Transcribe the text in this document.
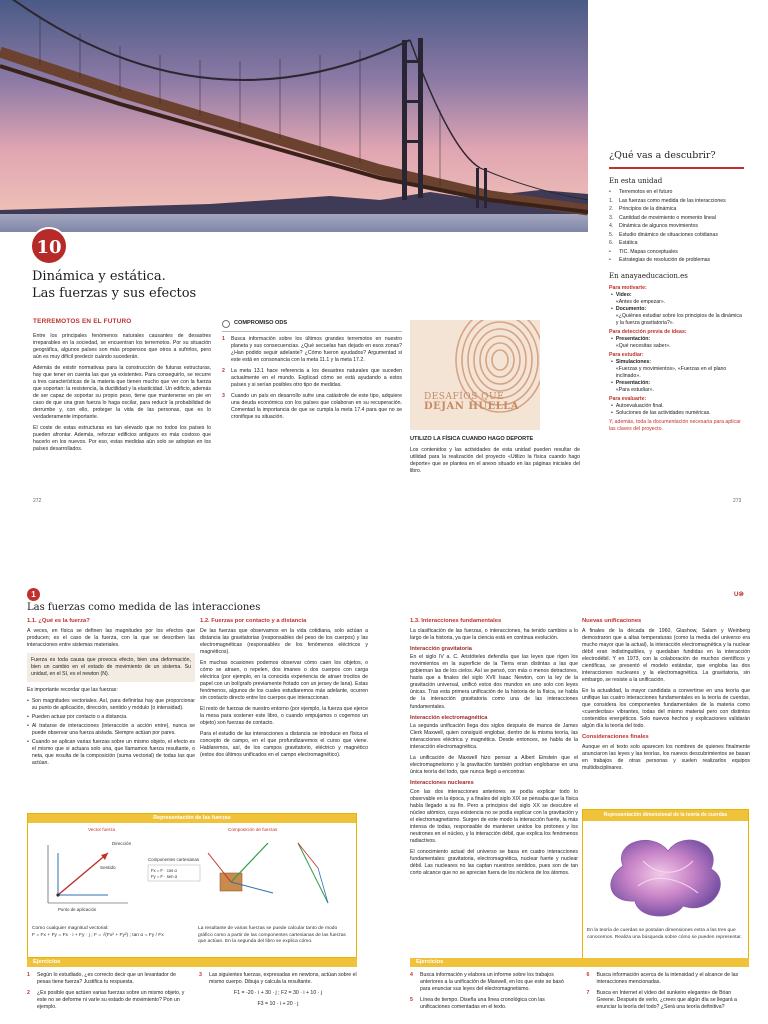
10
Dinámica y estática.
Las fuerzas y sus efectos
TERREMOTOS EN EL FUTURO

Entre los principales fenómenos naturales causantes de desastres irreparables en la sociedad, se encuentran los terremotos. Por su situación geográfica, algunos países son más propensos que otros a sufrirlos, pero aún es muy difícil predecir cuándo sucederán.

Además de existir normativas para la construcción de futuras estructuras, hay que tener en cuenta las que ya existentes. Para conseguirlo, se recurre a tres características de la materia que tienen mucho que ver con la fuerza que soportan: la resistencia, la ductilidad y la elasticidad. Un edificio, además de ser capaz de soportar su propio peso, tiene que mantenerse en pie en caso de que una gran fuerza lo haga oscilar, para reducir la probabilidad de derrumbe y, con ello, proteger la vida de las personas, que es lo verdaderamente importante.

El coste de estas estructuras es tan elevado que no todos los países lo pueden afrontar. Además, reforzar edificios antiguos es más costoso que hacerlo en los nuevos. Por eso, estas medidas aún solo se adoptan en los países desarrollados.

COMPROMISO ODS
1	Busca información sobre los últimos grandes terremotos en nuestro planeta y sus consecuencias. ¿Qué secuelas han dejado en esos zonas? ¿Han podido seguir adelante? ¿Cómo fueron ayudados? Argumentad si este está en consonancia con la meta 11.1 y la meta 17.2.
2	La meta 13.1 hace referencia a los desastres naturales que suceden actualmente en el mundo. Explicad cómo se está ayudando a estos países y si serían posibles otro tipo de medidas.
3	Cuando un país en desarrollo sufre una catástrofe de este tipo, adquiere una deuda económica con los países que colaboran en su recuperación. Comentad la importancia de que se cumpla la meta 17.4 para que no se cronifique su situación.
DESAFÍOS QUE
DEJAN HUELLA
UTILIZO LA FÍSICA CUANDO HAGO DEPORTE

Los contenidos y las actividades de esta unidad pueden resultar de utilidad para la realización del proyecto «Utilizo la física cuando hago deporte» que se plantea en el anexo situado en las páginas iniciales del libro.

¿Qué vas a descubrir?
En esta unidad
•	Terremotos en el futuro
1.	Las fuerzas como medida de las interacciones
2.	Principios de la dinámica
3.	Cantidad de movimiento o momento lineal
4.	Dinámica de algunos movimientos
5.	Estudio dinámico de situaciones cotidianas
6.	Estática
•	TIC. Mapas conceptuales
•	Estrategias de resolución de problemas
En anayaeducacion.es
Para motivarte:
• Video:
«Antes de empezar».
• Documento:
«¿Quiénes estudiar sobre los principios de la dinámica y la fuerza gravitatoria?».
Para detección previa de ideas:
• Presentación:
«Qué necesitas saber».
Para estudiar:
• Simulaciones:
«Fuerzas y movimientos», «Fuerzas en el plano inclinado».
• Presentación:
«Para estudiar».
Para evaluarte:
• Autoevaluación final.
• Soluciones de las actividades numéricas.
Y, además, toda la documentación necesaria para aplicar las claves del proyecto.
272	273
1	U⑩
Las fuerzas como medida de las interacciones
1.1. ¿Qué es la fuerza?

A veces, en física se definen las magnitudes por los efectos que producen; es el caso de la fuerza, con la que se describen las interacciones entre sistemas materiales.

Fuerza es toda causa que provoca efecto, bien una deformación, bien un cambio en el estado de movimiento de un sistema. Su unidad, en el SI, es el newton (N).

Es importante recordar que las fuerzas:

• Son magnitudes vectoriales. Así, para definirlas hay que proporcionar su punto de aplicación, dirección, sentido y módulo (o intensidad).
• Pueden actuar por contacto o a distancia.
• Al tratarse de interacciones (interacción a acción entre), nunca se puede observar una fuerza aislada. Siempre actúan por pares.
• Cuando se aplican varias fuerzas sobre un mismo objeto, el efecto es el mismo que si actuara solo una, que llamamos fuerza resultante, o neta, que resulta de la composición (suma vectorial) de todas las que actúan.
1.2. Fuerzas por contacto y a distancia

De las fuerzas que observamos en la vida cotidiana, solo actúan a distancia las gravitatorias (responsables del peso de los cuerpos) y las electromagnéticas (responsables de los fenómenos eléctricos y magnéticos).

En muchas ocasiones podemos observar cómo caen los objetos, o cómo se atraen, o repelen, dos imanes o dos cuerpos con carga eléctrica (por ejemplo, en la conocida experiencia de atraer trocitos de papel con un bolígrafo previamente frotado con un jersey de lana). Estas fenómenos, algunos de los cuales estudiaremos más adelante, ocurren sin contacto directo entre los cuerpos que interaccionan.

El resto de fuerzas de nuestro entorno (por ejemplo, la fuerza que ejerce la mesa para sostener este libro, o cuando empujamos o cogemos un objeto) son fuerzas de contacto.

Para el estudio de las interacciones a distancia se introduce en física el concepto de campo, en el que profundizaremos el curso que viene. Hablaremos, así, de los campos gravitatorio, eléctrico y magnético (estos dos últimos unificados en el campo electromagnético).

1.3. Interacciones fundamentales

La clasificación de las fuerzas, o interacciones, ha tenido cambios a lo largo de la historia, ya que la ciencia está en continua evolución.

Interacción gravitatoria

En el siglo IV a. C. Aristóteles defendía que las leyes que rigen los movimientos en la superficie de la Tierra eran distintas a las que gobiernan las de los cielos. Así se pensó, con más o menos detractores, hasta que a finales del siglo XVII Isaac Newton, con la ley de la gravitación universal, unificó estos dos mundos en uno solo con leyes únicas. Tras esta primera unificación de la historia de la física, se habla de la interacción gravitatoria como una de las interacciones fundamentales.

Interacción electromagnética

La segunda unificación llega dos siglos después de manos de James Clerk Maxwell, quien consiguió englobar, dentro de la misma teoría, las interacciones eléctrica y magnética. Desde entonces, se habla de la interacción electromagnética.

La unificación de Maxwell hizo pensar a Albert Einstein que el electromagnetismo y la gravitación también podrían englobarse en una única teoría del todo, que nunca llegó a encontrar.

Interacciones nucleares

Con las dos interacciones anteriores se podía explicar todo lo observable en la época, y a finales del siglo XIX se pensaba que la física había llegado a su fin. Pero a principios del siglo XX se descubre el núcleo atómico, cuya existencia no se podía explicar con la gravitación y el electromagnetismo. Surgen de este modo la interacción fuerte, la más intensa de todas, responsable de mantener unidos los protones y los neutrones en el núcleo, y la interacción débil, que explica los fenómenos radiactivos.

El conocimiento actual del universo se basa en cuatro interacciones fundamentales: gravitatoria, electromagnética, nuclear fuerte y nuclear débil. Las nucleares no las captan nuestros sentidos, pues son de tan corto alcance que no se aprecian fuera de los núcleos de los átomos.

Nuevas unificaciones

A finales de la década de 1960, Glashow, Salam y Weinberg demostraron que a altas temperaturas (como la media del universo era mucho mayor que la actual), la interacción electromagnética y la nuclear débil eran indistinguibles, y quedaban fundidas en la interacción electrodébil. Y en 1973, con la colaboración de muchos científicos y científicas, se presentó el modelo estándar, que engloba las dos interacciones nucleares y la electromagnética. La gravitatoria, sin embargo, se resiste a la unificación.

En la actualidad, la mayor candidata a convertirse en una teoría que unifique las cuatro interacciones fundamentales es la teoría de cuerdas, que considera los componentes fundamentales de la materia como «cuerdecitas» vibrantes, todas del mismo material pero con distintos contenidos energéticos. Solo nuevos hechos y explicaciones validarán algún día la teoría del todo.

Consideraciones finales

Aunque en el texto solo aparecen los nombres de quienes finalmente anunciaron las leyes y las teorías, los nuevos descubrimientos se basan en trabajos de otras personas y suelen realizarlos equipos multidisciplinares.

Representación de las fuerzas
Vector fuerza	Composición de fuerzas
Dirección
Sentido
Punto de aplicación
Componentes cartesianas
Fx = F · cos α
Fy = F · sen α
Como cualquier magnitud vectorial:
F = Fx + Fy = Fx · i + Fy · j ; F = √(Fx² + Fy²) ; tan α = Fy / Fx
La resultante de varias fuerzas se puede calcular tanto de modo gráfico como a partir de las componentes cartesianas de las fuerzas que actúan. En la segunda del libro se explica cómo.
Representación dimensional de la teoría de cuerdas
En la teoría de cuerdas se postulan dimensiones extra a las tres que conocemos. Realiza una búsqueda sobre cómo se pueden representar.
Ejercicios
1	Según lo estudiado, ¿es correcto decir que un levantador de pesas tiene fuerza? Justifica tu respuesta.
2	¿Es posible que actúen varias fuerzas sobre un mismo objeto, y este no se deforme ni varíe su estado de movimiento? Pon un ejemplo.
3	Las siguientes fuerzas, expresadas en newtons, actúan sobre el mismo cuerpo. Dibuja y calcula la resultante.
F1 = -20 · i + 30 · j ; F2 = 30 · i + 10 · j
F3 = 10 · i + 20 · j
Ejercicios
4	Busca información y elabora un informe sobre los trabajos anteriores a la unificación de Maxwell, en los que este se basó para enunciar sus leyes del electromagnetismo.
5	Línea de tiempo. Diseña una línea cronológica con las unificaciones comentadas en el texto.
6	Busca información acerca de la intensidad y el alcance de las interacciones mencionadas.
7	Busca en Internet el vídeo del sunkeiro elegante» de Brian Greene. Después de verlo, ¿crees que algún día se llegará a enunciar la teoría del todo? ¿Será una teoría definitiva?
